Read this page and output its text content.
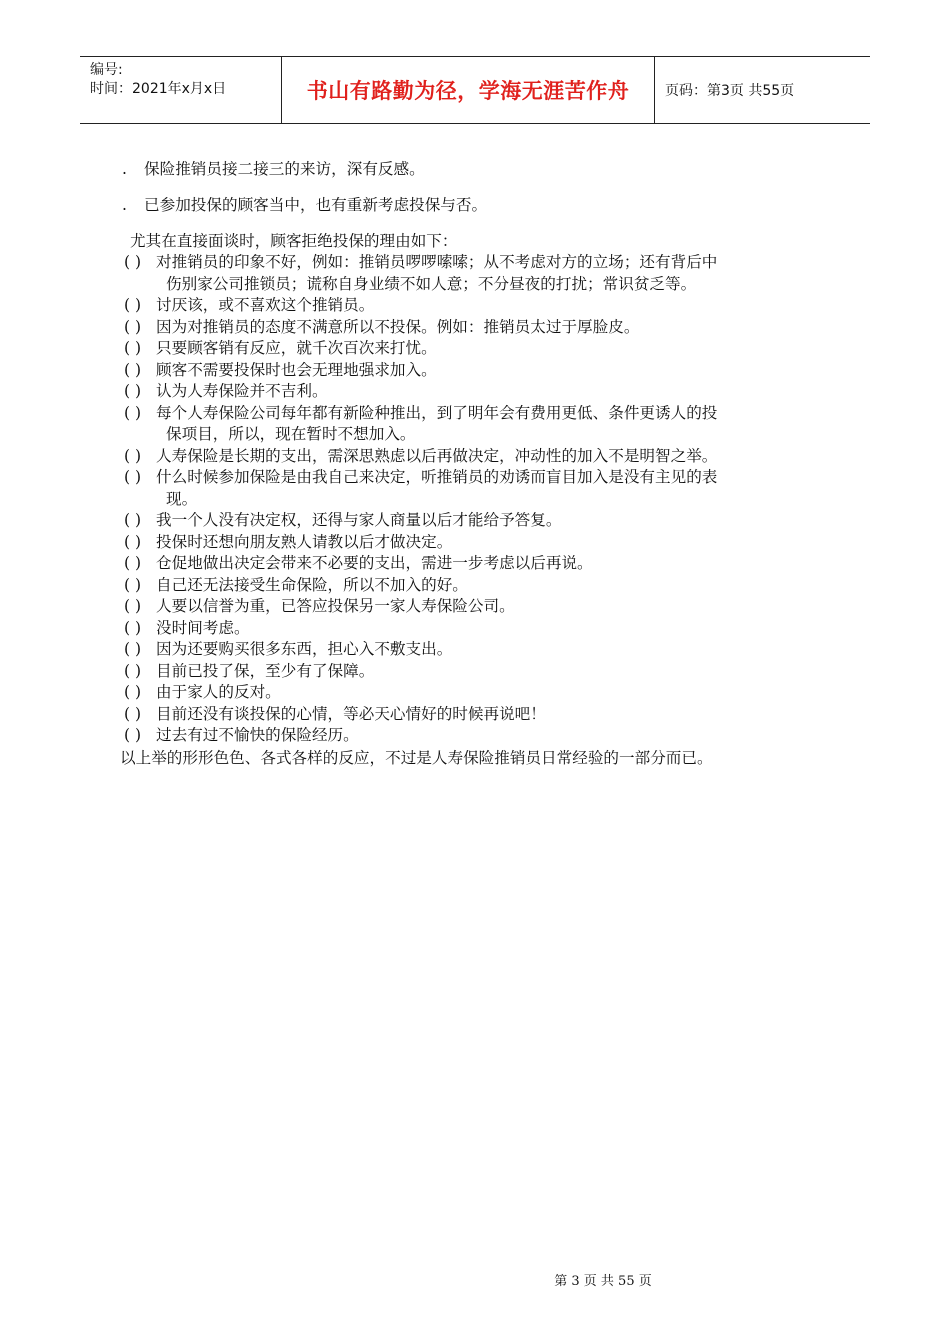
编号:
时间：2021年x月x日	书山有路勤为径，学海无涯苦作舟	页码：第3页 共55页
. 保险推销员接二接三的来访，深有反感。
. 已参加投保的顾客当中，也有重新考虑投保与否。
尤其在直接面谈时，顾客拒绝投保的理由如下：
( ) 对推销员的印象不好，例如：推销员啰啰嗦嗦；从不考虑对方的立场；还有背后中
伤别家公司推锁员；谎称自身业绩不如人意；不分昼夜的打扰；常识贫乏等。
( ) 讨厌该，或不喜欢这个推销员。
( ) 因为对推销员的态度不满意所以不投保。例如：推销员太过于厚脸皮。
( ) 只要顾客销有反应，就千次百次来打忧。
( ) 顾客不需要投保时也会无理地强求加入。
( ) 认为人寿保险并不吉利。
( ) 每个人寿保险公司每年都有新险种推出，到了明年会有费用更低、条件更诱人的投
保项目，所以，现在暂时不想加入。
( ) 人寿保险是长期的支出，需深思熟虑以后再做决定，冲动性的加入不是明智之举。
( ) 什么时候参加保险是由我自己来决定，听推销员的劝诱而盲目加入是没有主见的表
现。
( ) 我一个人没有决定权，还得与家人商量以后才能给予答复。
( ) 投保时还想向朋友熟人请教以后才做决定。
( ) 仓促地做出决定会带来不必要的支出，需进一步考虑以后再说。
( ) 自己还无法接受生命保险，所以不加入的好。
( ) 人要以信誉为重，已答应投保另一家人寿保险公司。
( ) 没时间考虑。
( ) 因为还要购买很多东西，担心入不敷支出。
( ) 目前已投了保，至少有了保障。
( ) 由于家人的反对。
( ) 目前还没有谈投保的心情，等必天心情好的时候再说吧！
( ) 过去有过不愉快的保险经历。
以上举的形形色色、各式各样的反应，不过是人寿保险推销员日常经验的一部分而已。
第 3 页 共 55 页
